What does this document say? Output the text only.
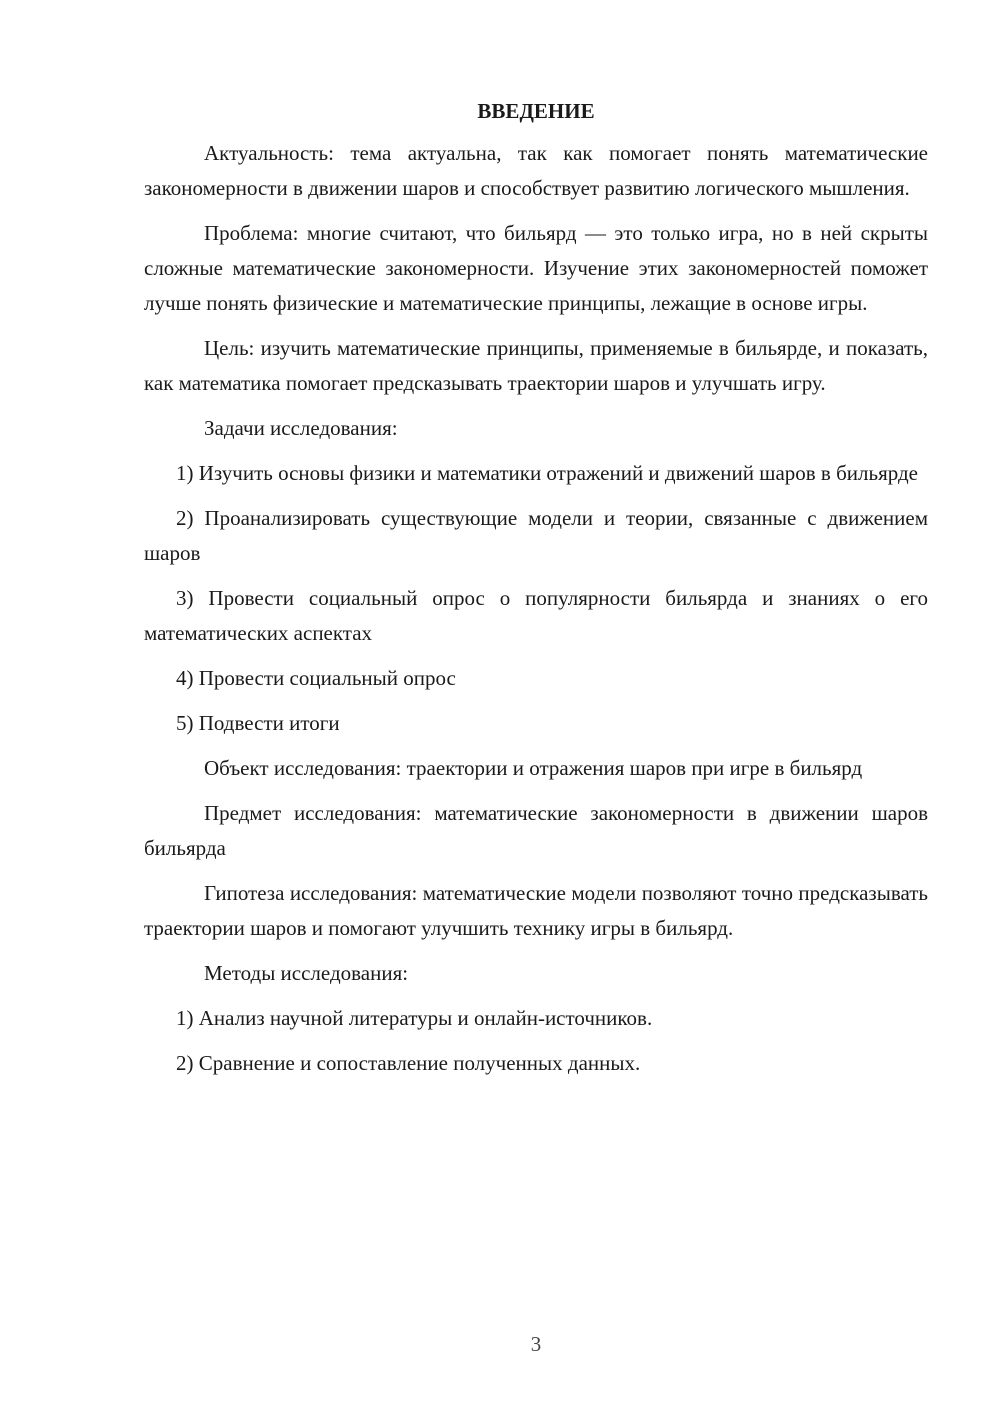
ВВЕДЕНИЕ

Актуальность: тема актуальна, так как помогает понять математические закономерности в движении шаров и способствует развитию логического мышления.

Проблема: многие считают, что бильярд — это только игра, но в ней скрыты сложные математические закономерности. Изучение этих закономерностей поможет лучше понять физические и математические принципы, лежащие в основе игры.

Цель: изучить математические принципы, применяемые в бильярде, и показать, как математика помогает предсказывать траектории шаров и улучшать игру.

Задачи исследования:

1) Изучить основы физики и математики отражений и движений шаров в бильярде

2) Проанализировать существующие модели и теории, связанные с движением шаров

3) Провести социальный опрос о популярности бильярда и знаниях о его математических аспектах

4) Провести социальный опрос

5) Подвести итоги

Объект исследования: траектории и отражения шаров при игре в бильярд

Предмет исследования: математические закономерности в движении шаров бильярда

Гипотеза исследования: математические модели позволяют точно предсказывать траектории шаров и помогают улучшить технику игры в бильярд.

Методы исследования:

1) Анализ научной литературы и онлайн-источников.

2) Сравнение и сопоставление полученных данных.

3
